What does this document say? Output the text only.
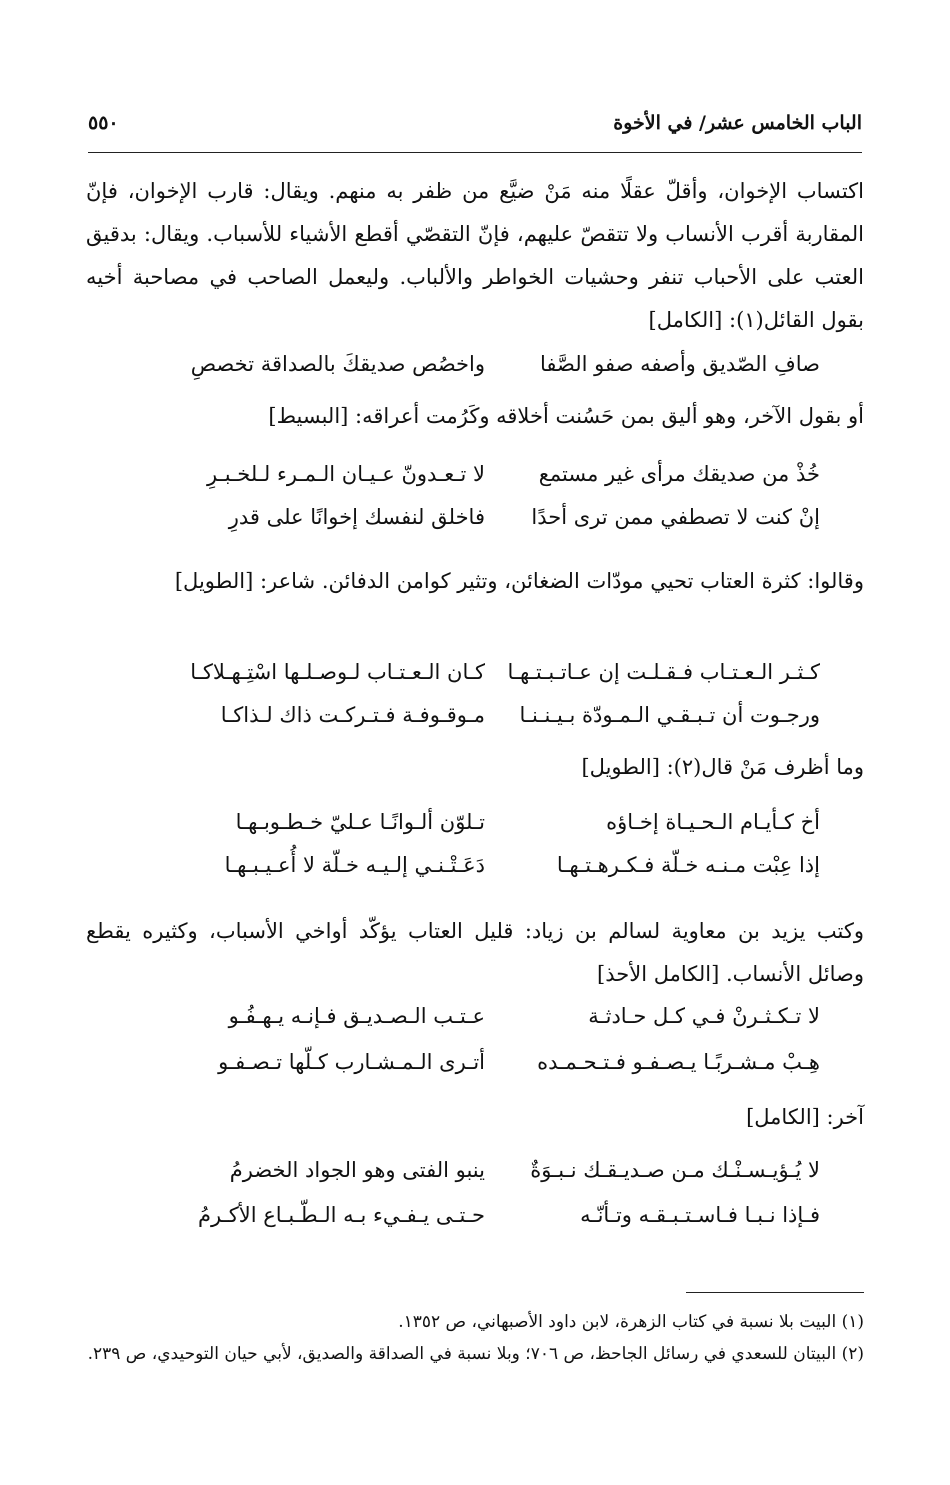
الباب الخامس عشر/ في الأخوة
٥٥٠

اكتساب الإخوان، وأقلّ عقلًا منه مَنْ ضيَّع من ظفر به منهم. ويقال: قارب الإخوان، فإنّ المقاربة أقرب الأنساب ولا تتقصّ عليهم، فإنّ التقصّي أقطع الأشياء للأسباب. ويقال: بدقيق العتب على الأحباب تنفر وحشيات الخواطر والألباب. وليعمل الصاحب في مصاحبة أخيه بقول القائل(١): [الكامل]

صافِ الصّديق وأصفه صفو الصَّفا
واخصُص صديقكَ بالصداقة تخصصِ
أو بقول الآخر، وهو أليق بمن حَسُنت أخلاقه وكَرُمت أعراقه: [البسيط]
خُذْ من صديقك مرأى غير مستمع
لا تـعـدونّ عـيـان الـمـرء لـلخـبـرِ
إنْ كنت لا تصطفي ممن ترى أحدًا
فاخلق لنفسك إخوانًا على قدرِ

وقالوا: كثرة العتاب تحيي مودّات الضغائن، وتثير كوامن الدفائن. شاعر: [الطويل]

كـثـر الـعـتـاب فـقـلـت إن عـاتـبـتـهـا
كـان الـعـتـاب لـوصـلـها اسْتِـهـلاكـا
ورجـوت أن تـبـقـي الـمـودّة بـيـنـنـا
مـوقـوفـة فـتـركـت ذاك لـذاكـا
وما أظرف مَنْ قال(٢): [الطويل]
أخ كـأيـام الـحـيـاة إخـاؤه
تـلوّن ألـوانًـا عـليّ خـطـوبـهـا
إذا عِبْت مـنـه خـلّة فـكـرهـتـهـا
دَعَـتْـنـي إلـيـه خـلّة لا أُعـيـبـهـا

وكتب يزيد بن معاوية لسالم بن زياد: قليل العتاب يؤكّد أواخي الأسباب، وكثيره يقطع وصائل الأنساب. [الكامل الأحذ]

لا تـكـثـرنْ فـي كـل حـادثـة
عـتـب الـصـديـق فـإنـه يـهـفُـو
هِـبْ مـشـربًـا يـصـفـو فـتـحـمـده
أتـرى الـمـشـارب كـلّها تـصـفـو
آخر: [الكامل]
لا يُـؤيـسـنْـك مـن صـديـقـك نـبـوَةٌ
ينبو الفتى وهو الجواد الخضرمُ
فـإذا نـبـا فـاسـتـبـقـه وتـأنّـه
حـتـى يـفـيء بـه الـطّـبـاع الأكـرمُ

(١) البيت بلا نسبة في كتاب الزهرة، لابن داود الأصبهاني، ص ١٣٥٢.

(٢) البيتان للسعدي في رسائل الجاحظ، ص ٧٠٦؛ وبلا نسبة في الصداقة والصديق، لأبي حيان التوحيدي، ص ٢٣٩.
